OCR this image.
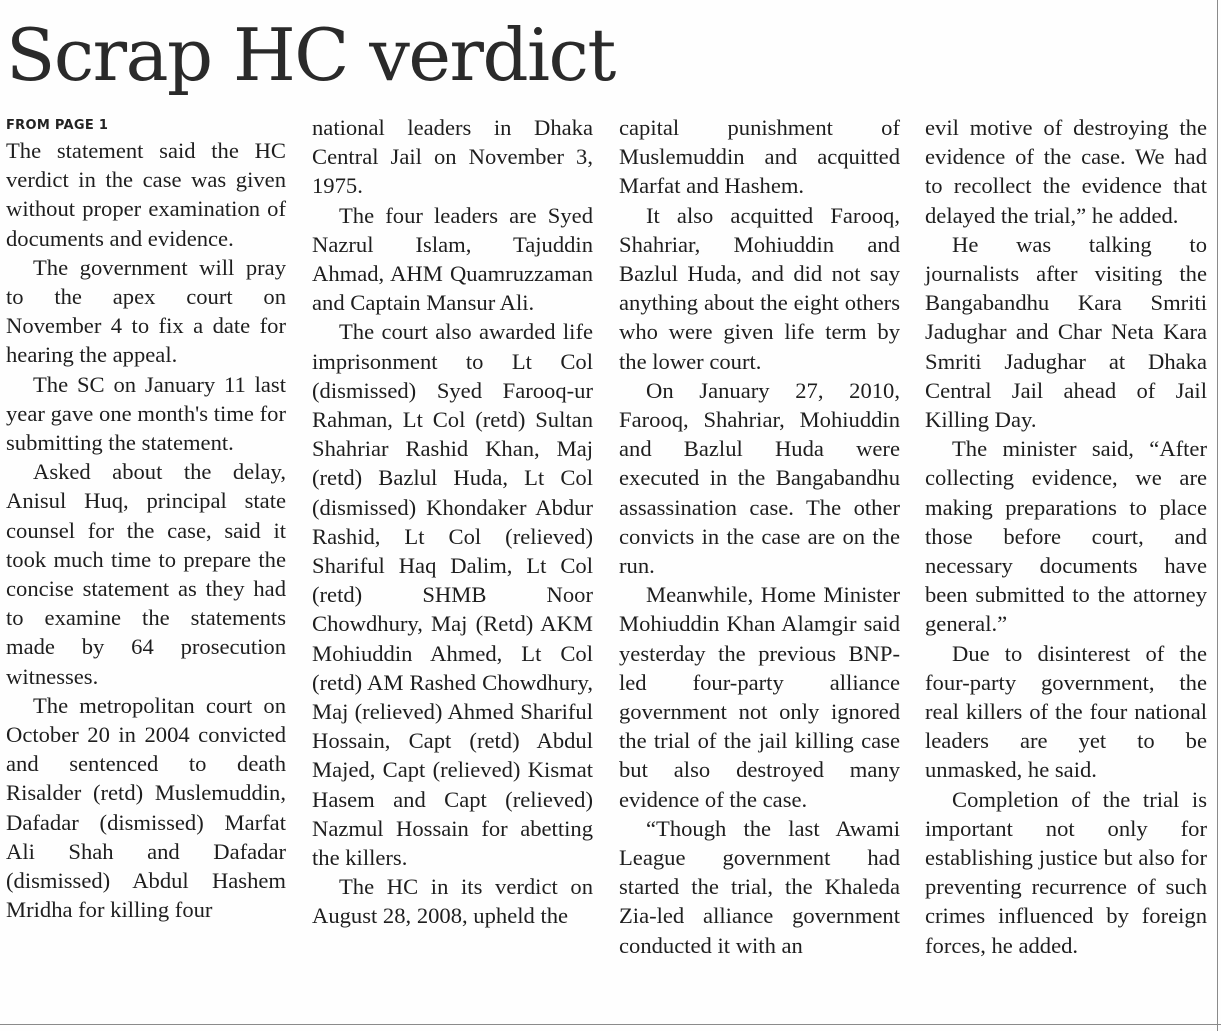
Scrap HC verdict
FROM PAGE 1

The statement said the HC verdict in the case was given without proper examination of documents and evidence.

The government will pray to the apex court on November 4 to fix a date for hearing the appeal.

The SC on January 11 last year gave one month's time for submitting the statement.

Asked about the delay, Anisul Huq, principal state counsel for the case, said it took much time to prepare the concise statement as they had to examine the statements made by 64 prosecution witnesses.

The metropolitan court on October 20 in 2004 convicted and sentenced to death Risalder (retd) Muslemuddin, Dafadar (dismissed) Marfat Ali Shah and Dafadar (dismissed) Abdul Hashem Mridha for killing four

national leaders in Dhaka Central Jail on November 3, 1975.

The four leaders are Syed Nazrul Islam, Tajuddin Ahmad, AHM Quamruzzaman and Captain Mansur Ali.

The court also awarded life imprisonment to Lt Col (dismissed) Syed Farooq-ur Rahman, Lt Col (retd) Sultan Shahriar Rashid Khan, Maj (retd) Bazlul Huda, Lt Col (dismissed) Khondaker Abdur Rashid, Lt Col (relieved) Shariful Haq Dalim, Lt Col (retd) SHMB Noor Chowdhury, Maj (Retd) AKM Mohiuddin Ahmed, Lt Col (retd) AM Rashed Chowdhury, Maj (relieved) Ahmed Shariful Hossain, Capt (retd) Abdul Majed, Capt (relieved) Kismat Hasem and Capt (relieved) Nazmul Hossain for abetting the killers.

The HC in its verdict on August 28, 2008, upheld the

capital punishment of Muslemuddin and acquitted Marfat and Hashem.

It also acquitted Farooq, Shahriar, Mohiuddin and Bazlul Huda, and did not say anything about the eight others who were given life term by the lower court.

On January 27, 2010, Farooq, Shahriar, Mohiuddin and Bazlul Huda were executed in the Bangabandhu assassination case. The other convicts in the case are on the run.

Meanwhile, Home Minister Mohiuddin Khan Alamgir said yesterday the previous BNP-led four-party alliance government not only ignored the trial of the jail killing case but also destroyed many evidence of the case.

“Though the last Awami League government had started the trial, the Khaleda Zia-led alliance government conducted it with an

evil motive of destroying the evidence of the case. We had to recollect the evidence that delayed the trial,” he added.

He was talking to journalists after visiting the Bangabandhu Kara Smriti Jadughar and Char Neta Kara Smriti Jadughar at Dhaka Central Jail ahead of Jail Killing Day.

The minister said, “After collecting evidence, we are making preparations to place those before court, and necessary documents have been submitted to the attorney general.”

Due to disinterest of the four-party government, the real killers of the four national leaders are yet to be unmasked, he said.

Completion of the trial is important not only for establishing justice but also for preventing recurrence of such crimes influenced by foreign forces, he added.
